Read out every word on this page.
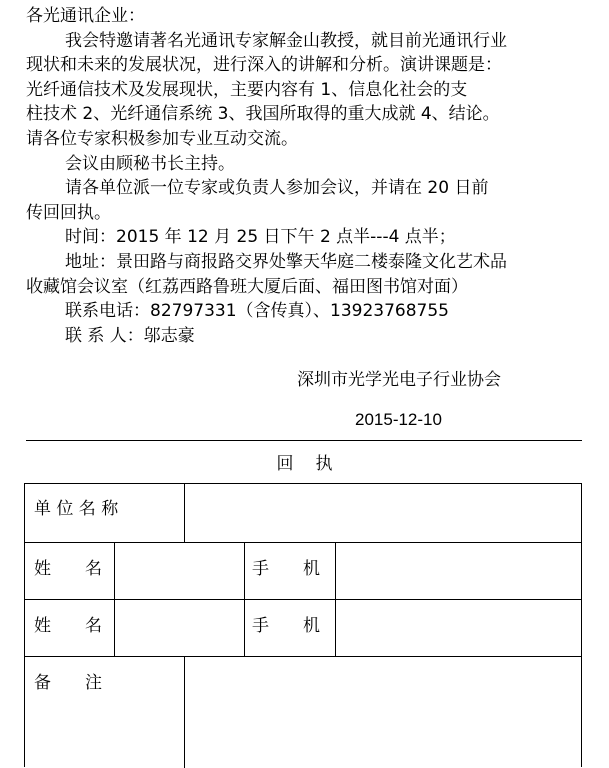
各光通讯企业：
我会特邀请著名光通讯专家解金山教授，就目前光通讯行业
现状和未来的发展状况，进行深入的讲解和分析。演讲课题是：
光纤通信技术及发展现状，主要内容有 1、信息化社会的支
柱技术 2、光纤通信系统 3、我国所取得的重大成就 4、结论。
请各位专家积极参加专业互动交流。
会议由顾秘书长主持。
请各单位派一位专家或负责人参加会议，并请在 20 日前
传回回执。
时间：2015 年 12 月 25 日下午 2 点半---4 点半；
地址：景田路与商报路交界处擎天华庭二楼泰隆文化艺术品
收藏馆会议室（红荔西路鲁班大厦后面、福田图书馆对面）
联系电话：82797331（含传真）、13923768755
联 系 人：邬志豪
深圳市光学光电子行业协会
2015-12-10
回执
单 位 名 称
姓　　名	手　　机
姓　　名	手　　机
备　　注
